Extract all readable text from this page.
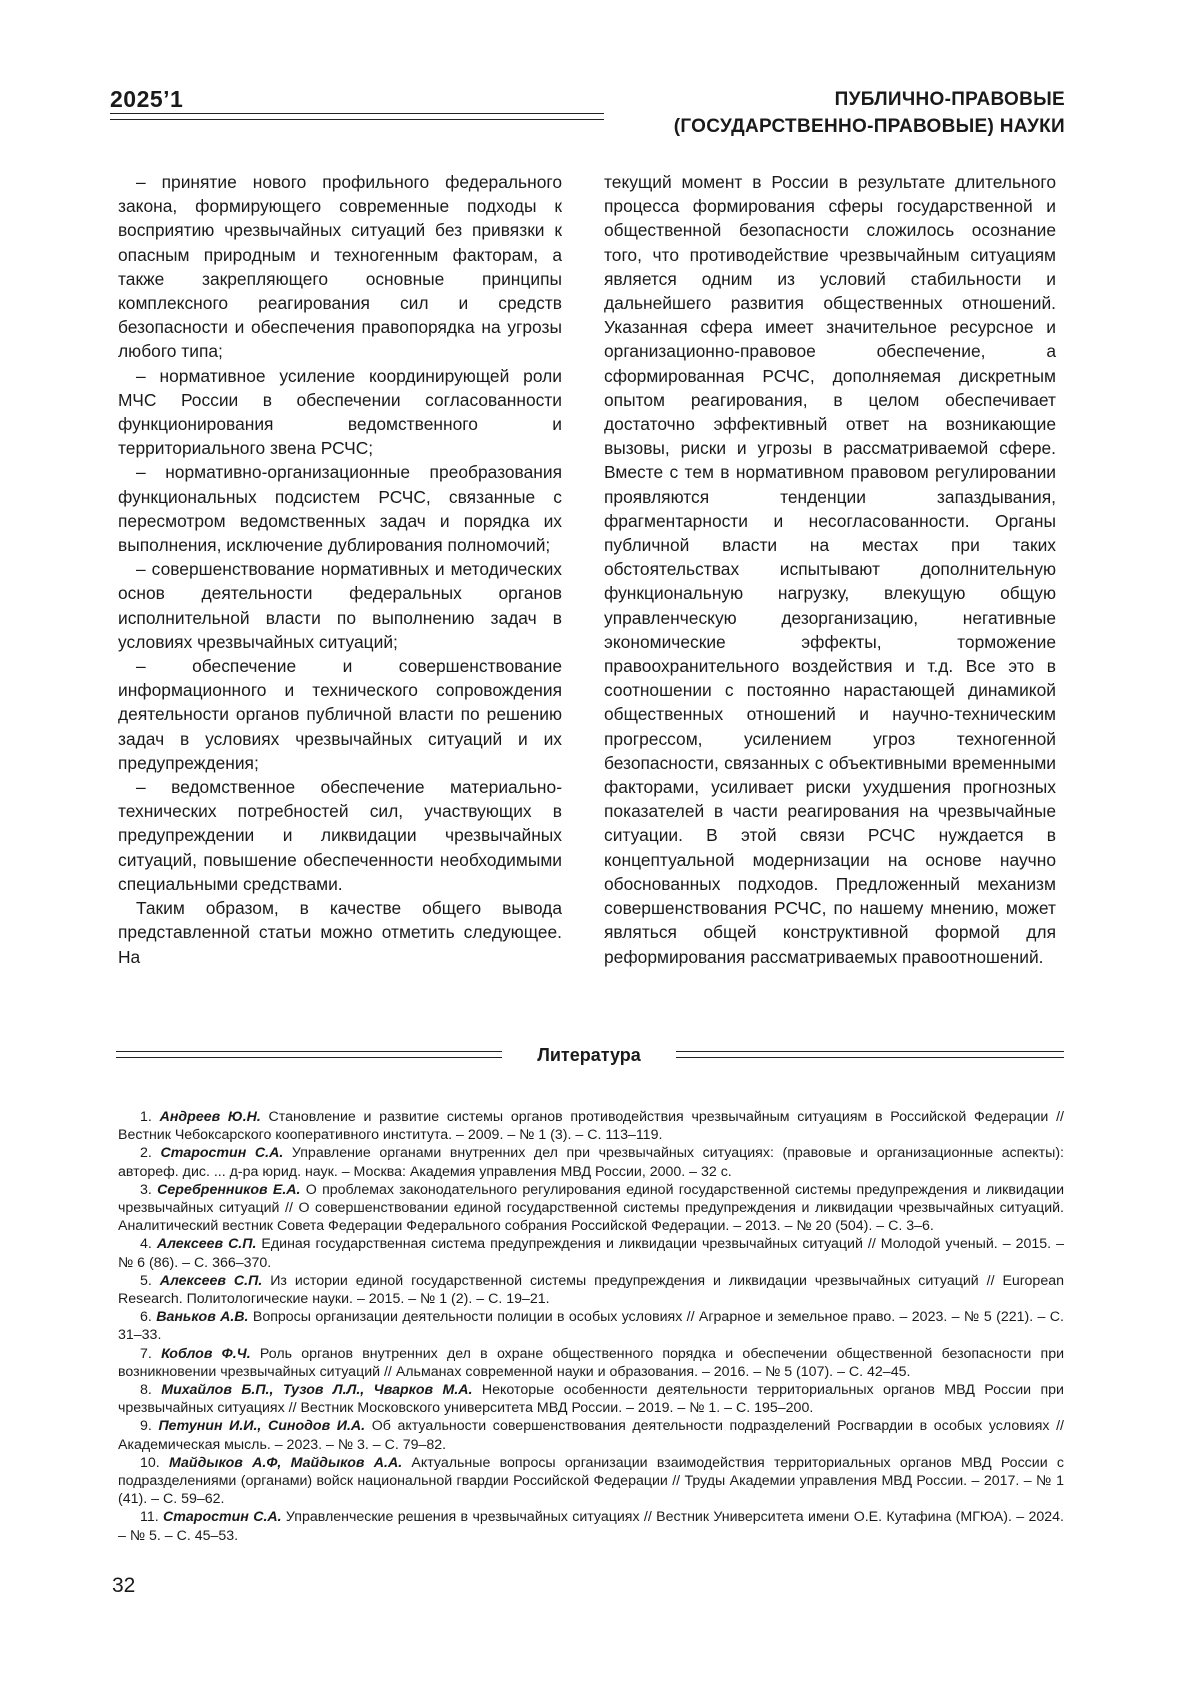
2025’1	ПУБЛИЧНО-ПРАВОВЫЕ
(ГОСУДАРСТВЕННО-ПРАВОВЫЕ) НАУКИ

– принятие нового профильного федерального закона, формирующего современные подходы к восприятию чрезвычайных ситуаций без привязки к опасным природным и техногенным факторам, а также закрепляющего основные принципы комплексного реагирования сил и средств безопасности и обеспечения правопорядка на угрозы любого типа;

– нормативное усиление координирующей роли МЧС России в обеспечении согласованности функционирования ведомственного и территориального звена РСЧС;

– нормативно-организационные преобразования функциональных подсистем РСЧС, связанные с пересмотром ведомственных задач и порядка их выполнения, исключение дублирования полномочий;

– совершенствование нормативных и методических основ деятельности федеральных органов исполнительной власти по выполнению задач в условиях чрезвычайных ситуаций;

– обеспечение и совершенствование информационного и технического сопровождения деятельности органов публичной власти по решению задач в условиях чрезвычайных ситуаций и их предупреждения;

– ведомственное обеспечение материально-технических потребностей сил, участвующих в предупреждении и ликвидации чрезвычайных ситуаций, повышение обеспеченности необходимыми специальными средствами.

Таким образом, в качестве общего вывода представленной статьи можно отметить следующее. На

текущий момент в России в результате длительного процесса формирования сферы государственной и общественной безопасности сложилось осознание того, что противодействие чрезвычайным ситуациям является одним из условий стабильности и дальнейшего развития общественных отношений. Указанная сфера имеет значительное ресурсное и организационно-правовое обеспечение, а сформированная РСЧС, дополняемая дискретным опытом реагирования, в целом обеспечивает достаточно эффективный ответ на возникающие вызовы, риски и угрозы в рассматриваемой сфере. Вместе с тем в нормативном правовом регулировании проявляются тенденции запаздывания, фрагментарности и несогласованности. Органы публичной власти на местах при таких обстоятельствах испытывают дополнительную функциональную нагрузку, влекущую общую управленческую дезорганизацию, негативные экономические эффекты, торможение правоохранительного воздействия и т.д. Все это в соотношении с постоянно нарастающей динамикой общественных отношений и научно-техническим прогрессом, усилением угроз техногенной безопасности, связанных с объективными временными факторами, усиливает риски ухудшения прогнозных показателей в части реагирования на чрезвычайные ситуации. В этой связи РСЧС нуждается в концептуальной модернизации на основе научно обоснованных подходов. Предложенный механизм совершенствования РСЧС, по нашему мнению, может являться общей конструктивной формой для реформирования рассматриваемых правоотношений.

Литература

1. Андреев Ю.Н. Становление и развитие системы органов противодействия чрезвычайным ситуациям в Российской Федерации // Вестник Чебоксарского кооперативного института. – 2009. – № 1 (3). – С. 113–119.

2. Старостин С.А. Управление органами внутренних дел при чрезвычайных ситуациях: (правовые и организационные аспекты): автореф. дис. ... д-ра юрид. наук. – Москва: Академия управления МВД России, 2000. – 32 с.

3. Серебренников Е.А. О проблемах законодательного регулирования единой государственной системы предупреждения и ликвидации чрезвычайных ситуаций // О совершенствовании единой государственной системы предупреждения и ликвидации чрезвычайных ситуаций. Аналитический вестник Совета Федерации Федерального собрания Российской Федерации. – 2013. – № 20 (504). – С. 3–6.

4. Алексеев С.П. Единая государственная система предупреждения и ликвидации чрезвычайных ситуаций // Молодой ученый. – 2015. – № 6 (86). – С. 366–370.

5. Алексеев С.П. Из истории единой государственной системы предупреждения и ликвидации чрезвычайных ситуаций // European Research. Политологические науки. – 2015. – № 1 (2). – С. 19–21.

6. Ваньков А.В. Вопросы организации деятельности полиции в особых условиях // Аграрное и земельное право. – 2023. – № 5 (221). – С. 31–33.

7. Коблов Ф.Ч. Роль органов внутренних дел в охране общественного порядка и обеспечении общественной безопасности при возникновении чрезвычайных ситуаций // Альманах современной науки и образования. – 2016. – № 5 (107). – С. 42–45.

8. Михайлов Б.П., Тузов Л.Л., Чварков М.А. Некоторые особенности деятельности территориальных органов МВД России при чрезвычайных ситуациях // Вестник Московского университета МВД России. – 2019. – № 1. – С. 195–200.

9. Петунин И.И., Синодов И.А. Об актуальности совершенствования деятельности подразделений Росгвардии в особых условиях // Академическая мысль. – 2023. – № 3. – С. 79–82.

10. Майдыков А.Ф, Майдыков А.А. Актуальные вопросы организации взаимодействия территориальных органов МВД России с подразделениями (органами) войск национальной гвардии Российской Федерации // Труды Академии управления МВД России. – 2017. – № 1 (41). – С. 59–62.

11. Старостин С.А. Управленческие решения в чрезвычайных ситуациях // Вестник Университета имени О.Е. Кутафина (МГЮА). – 2024. – № 5. – С. 45–53.

32
